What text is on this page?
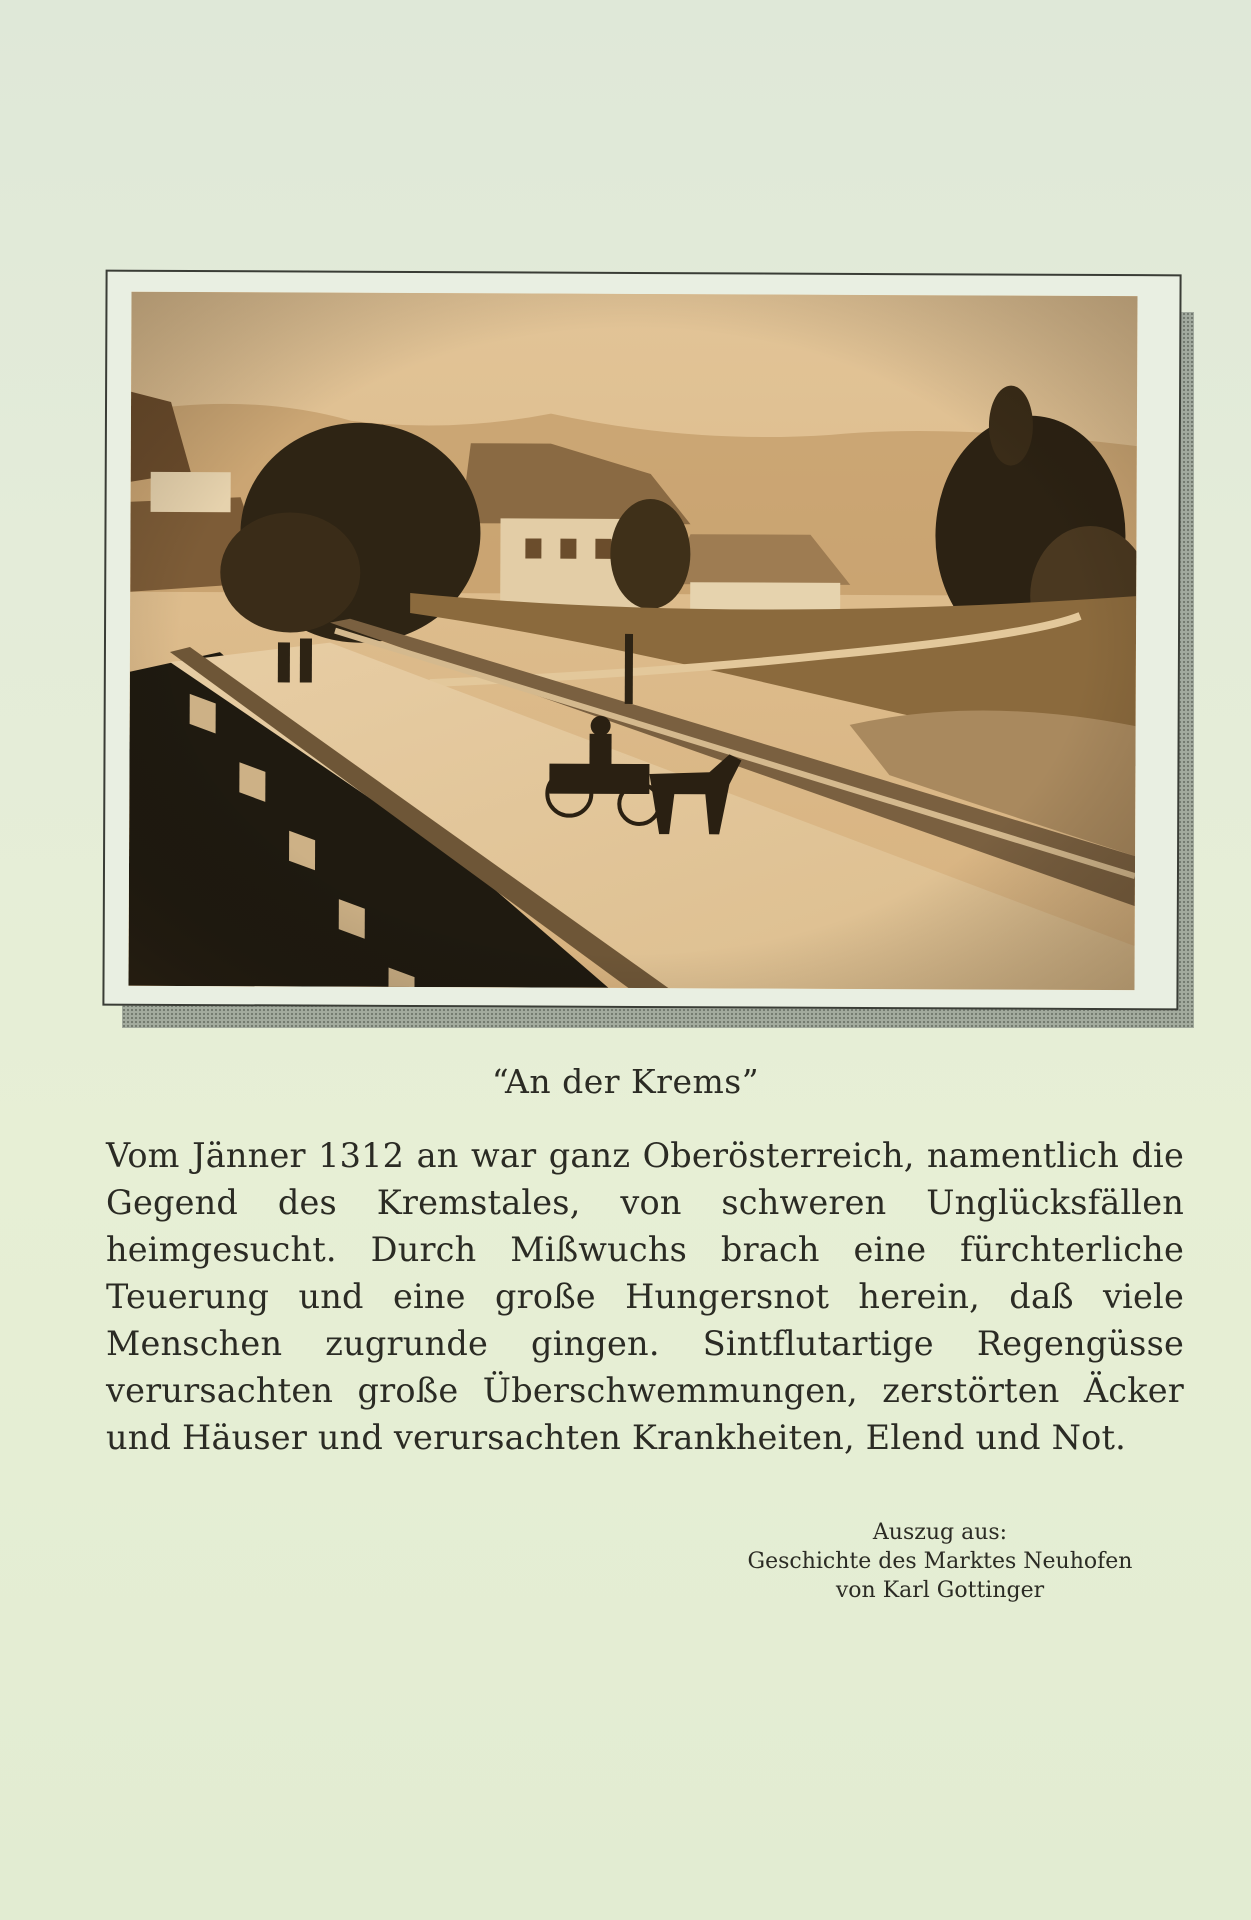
“An der Krems”
Vom Jänner 1312 an war ganz Oberösterreich, namentlich die Gegend des Kremstales, von schweren Unglücksfällen heimgesucht. Durch Mißwuchs brach eine fürchterliche Teuerung und eine große Hungersnot herein, daß viele Menschen zugrunde gingen. Sintflutartige Regengüsse verursachten große Überschwemmungen, zerstörten Äcker und Häuser und verursachten Krankheiten, Elend und Not.
Auszug aus:
Geschichte des Marktes Neuhofen
von Karl Gottinger
